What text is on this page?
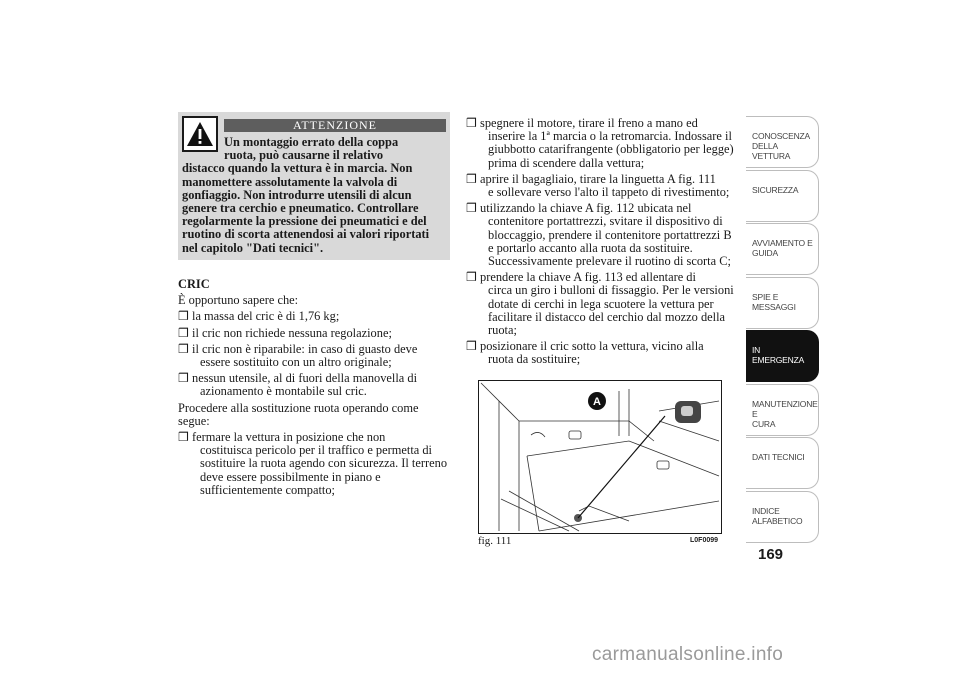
ATTENZIONE
Un montaggio errato della coppa
ruota, può causarne il relativo
distacco quando la vettura è in marcia. Non manomettere assolutamente la valvola di gonfiaggio. Non introdurre utensili di alcun genere tra cerchio e pneumatico. Controllare regolarmente la pressione dei pneumatici e del ruotino di scorta attenendosi ai valori riportati nel capitolo "Dati tecnici".
CRIC
È opportuno sapere che:
❒ la massa del cric è di 1,76 kg;
❒ il cric non richiede nessuna regolazione;
❒ il cric non è riparabile: in caso di guasto deve
essere sostituito con un altro originale;
❒ nessun utensile, al di fuori della manovella di
azionamento è montabile sul cric.
Procedere alla sostituzione ruota operando come segue:
❒ fermare la vettura in posizione che non
costituisca pericolo per il traffico e permetta di sostituire la ruota agendo con sicurezza. Il terreno deve essere possibilmente in piano e sufficientemente compatto;
❒ spegnere il motore, tirare il freno a mano ed
inserire la 1ª marcia o la retromarcia. Indossare il giubbotto catarifrangente (obbligatorio per legge) prima di scendere dalla vettura;
❒ aprire il bagagliaio, tirare la linguetta A fig. 111
e sollevare verso l'alto il tappeto di rivestimento;
❒ utilizzando la chiave A fig. 112 ubicata nel
contenitore portattrezzi, svitare il dispositivo di bloccaggio, prendere il contenitore portattrezzi B e portarlo accanto alla ruota da sostituire. Successivamente prelevare il ruotino di scorta C;
❒ prendere la chiave A fig. 113 ed allentare di
circa un giro i bulloni di fissaggio. Per le versioni dotate di cerchi in lega scuotere la vettura per facilitare il distacco del cerchio dal mozzo della ruota;
❒ posizionare il cric sotto la vettura, vicino alla
ruota da sostituire;
A
fig. 111	L0F0099
CONOSCENZA
DELLA VETTURA
SICUREZZA
AVVIAMENTO E
GUIDA
SPIE E MESSAGGI
IN EMERGENZA
MANUTENZIONE E
CURA
DATI TECNICI
INDICE
ALFABETICO
169
carmanualsonline.info
